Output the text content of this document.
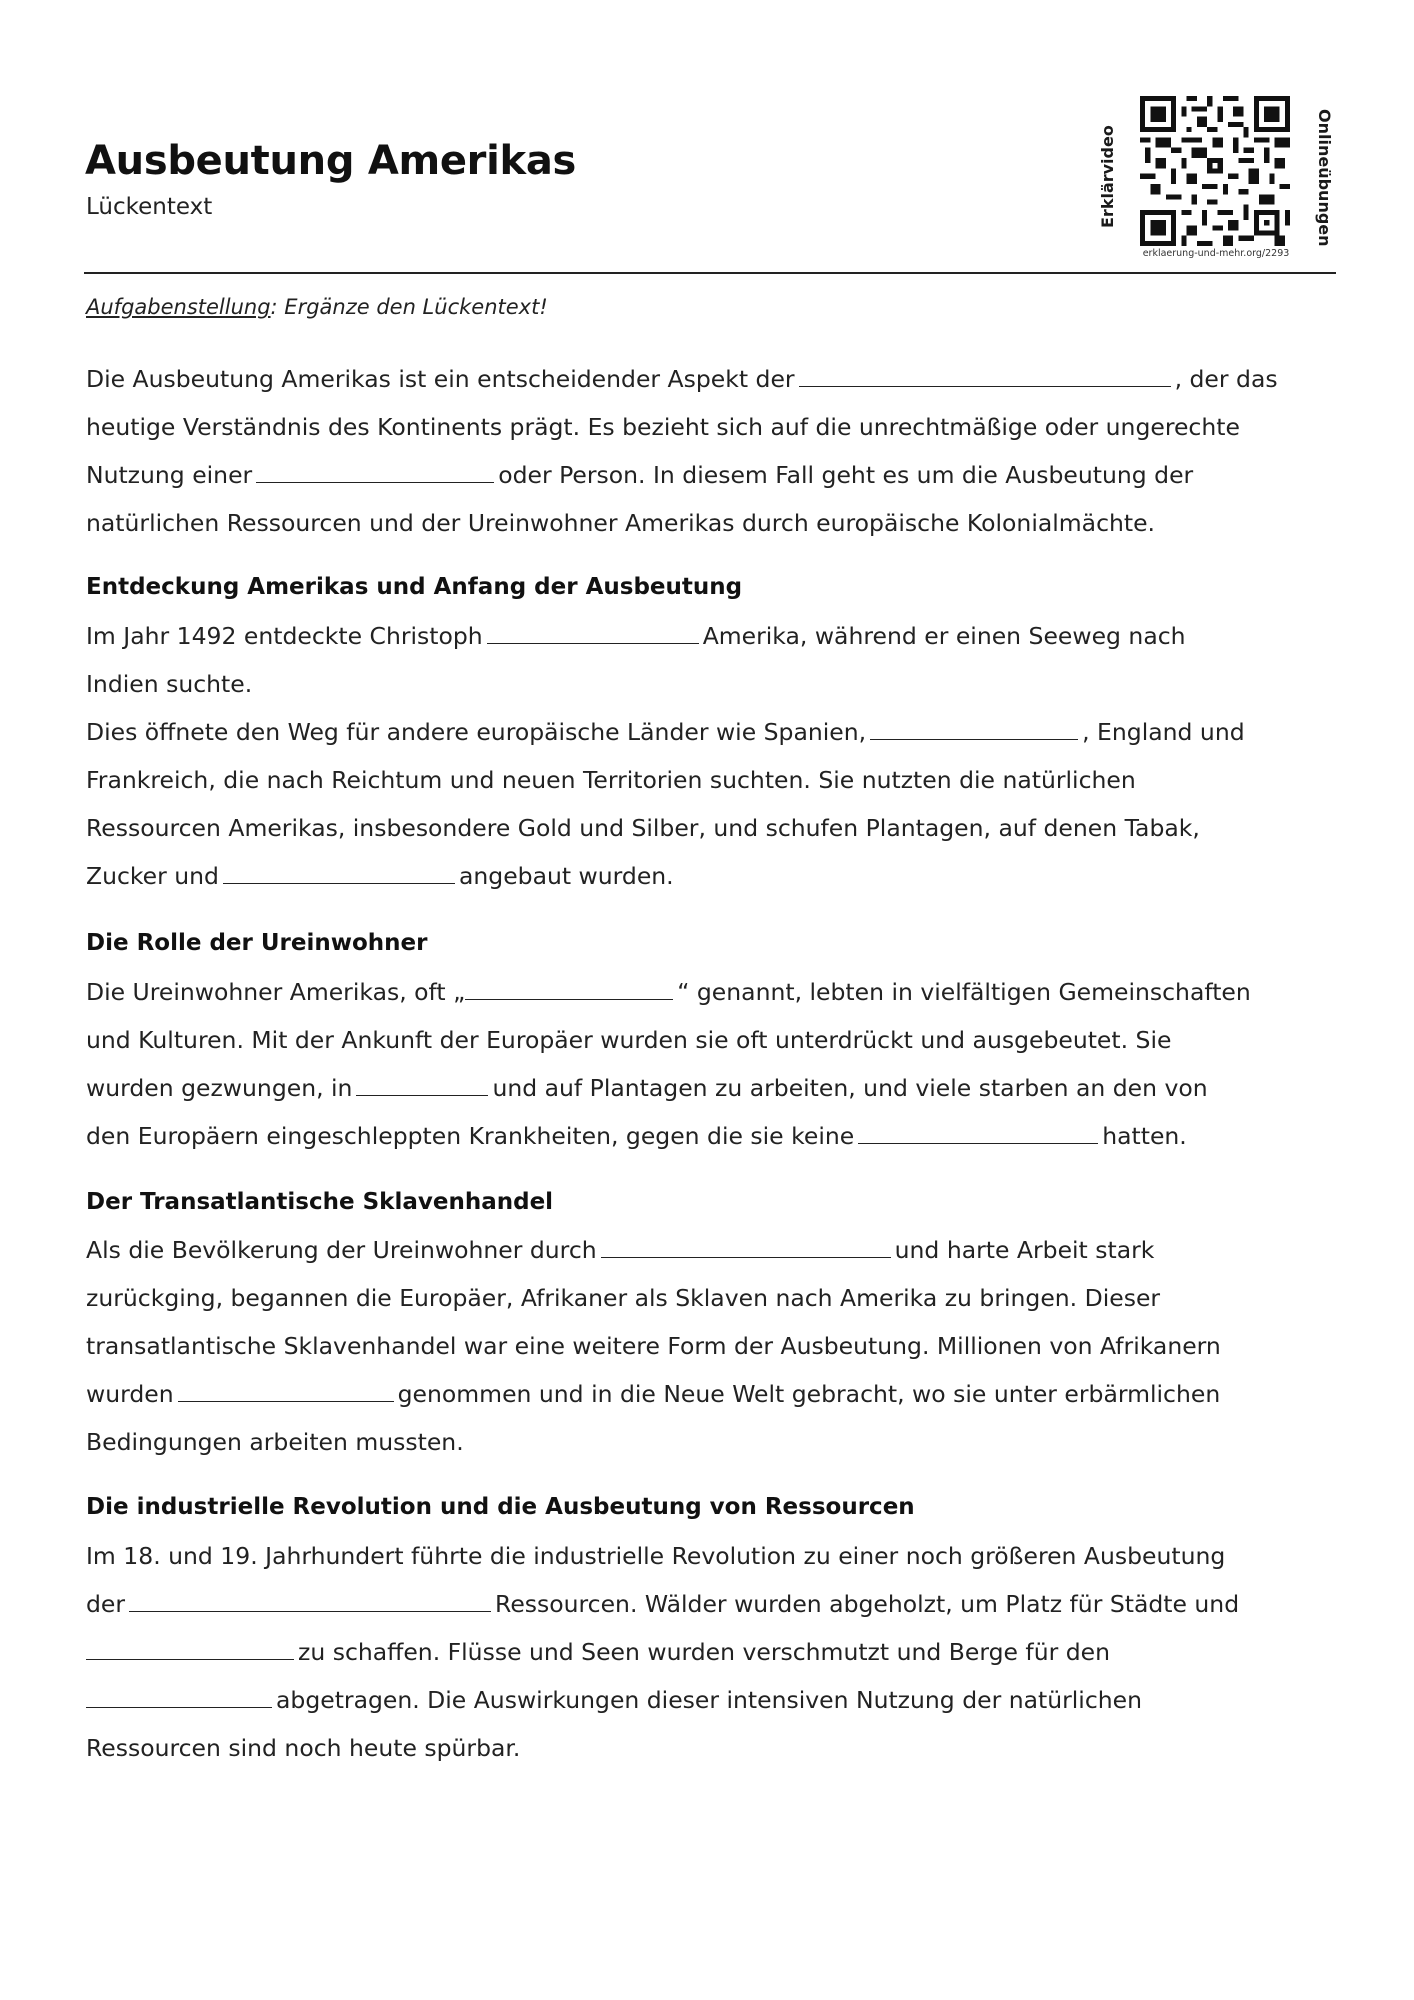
Ausbeutung Amerikas
Lückentext	Erklärvideo	Onlineübungen
erklaerung-und-mehr.org/2293
Aufgabenstellung: Ergänze den Lückentext!
Die Ausbeutung Amerikas ist ein entscheidender Aspekt der	, der das
heutige Verständnis des Kontinents prägt. Es bezieht sich auf die unrechtmäßige oder ungerechte
Nutzung einer	oder Person. In diesem Fall geht es um die Ausbeutung der
natürlichen Ressourcen und der Ureinwohner Amerikas durch europäische Kolonialmächte.
Entdeckung Amerikas und Anfang der Ausbeutung
Im Jahr 1492 entdeckte Christoph	Amerika, während er einen Seeweg nach
Indien suchte.
Dies öffnete den Weg für andere europäische Länder wie Spanien,	, England und
Frankreich, die nach Reichtum und neuen Territorien suchten. Sie nutzten die natürlichen
Ressourcen Amerikas, insbesondere Gold und Silber, und schufen Plantagen, auf denen Tabak,
Zucker und	angebaut wurden.
Die Rolle der Ureinwohner
Die Ureinwohner Amerikas, oft „	“ genannt, lebten in vielfältigen Gemeinschaften
und Kulturen. Mit der Ankunft der Europäer wurden sie oft unterdrückt und ausgebeutet. Sie
wurden gezwungen, in	und auf Plantagen zu arbeiten, und viele starben an den von
den Europäern eingeschleppten Krankheiten, gegen die sie keine	hatten.
Der Transatlantische Sklavenhandel
Als die Bevölkerung der Ureinwohner durch	und harte Arbeit stark
zurückging, begannen die Europäer, Afrikaner als Sklaven nach Amerika zu bringen. Dieser
transatlantische Sklavenhandel war eine weitere Form der Ausbeutung. Millionen von Afrikanern
wurden	genommen und in die Neue Welt gebracht, wo sie unter erbärmlichen
Bedingungen arbeiten mussten.
Die industrielle Revolution und die Ausbeutung von Ressourcen
Im 18. und 19. Jahrhundert führte die industrielle Revolution zu einer noch größeren Ausbeutung
der	Ressourcen. Wälder wurden abgeholzt, um Platz für Städte und
zu schaffen. Flüsse und Seen wurden verschmutzt und Berge für den
abgetragen. Die Auswirkungen dieser intensiven Nutzung der natürlichen
Ressourcen sind noch heute spürbar.
